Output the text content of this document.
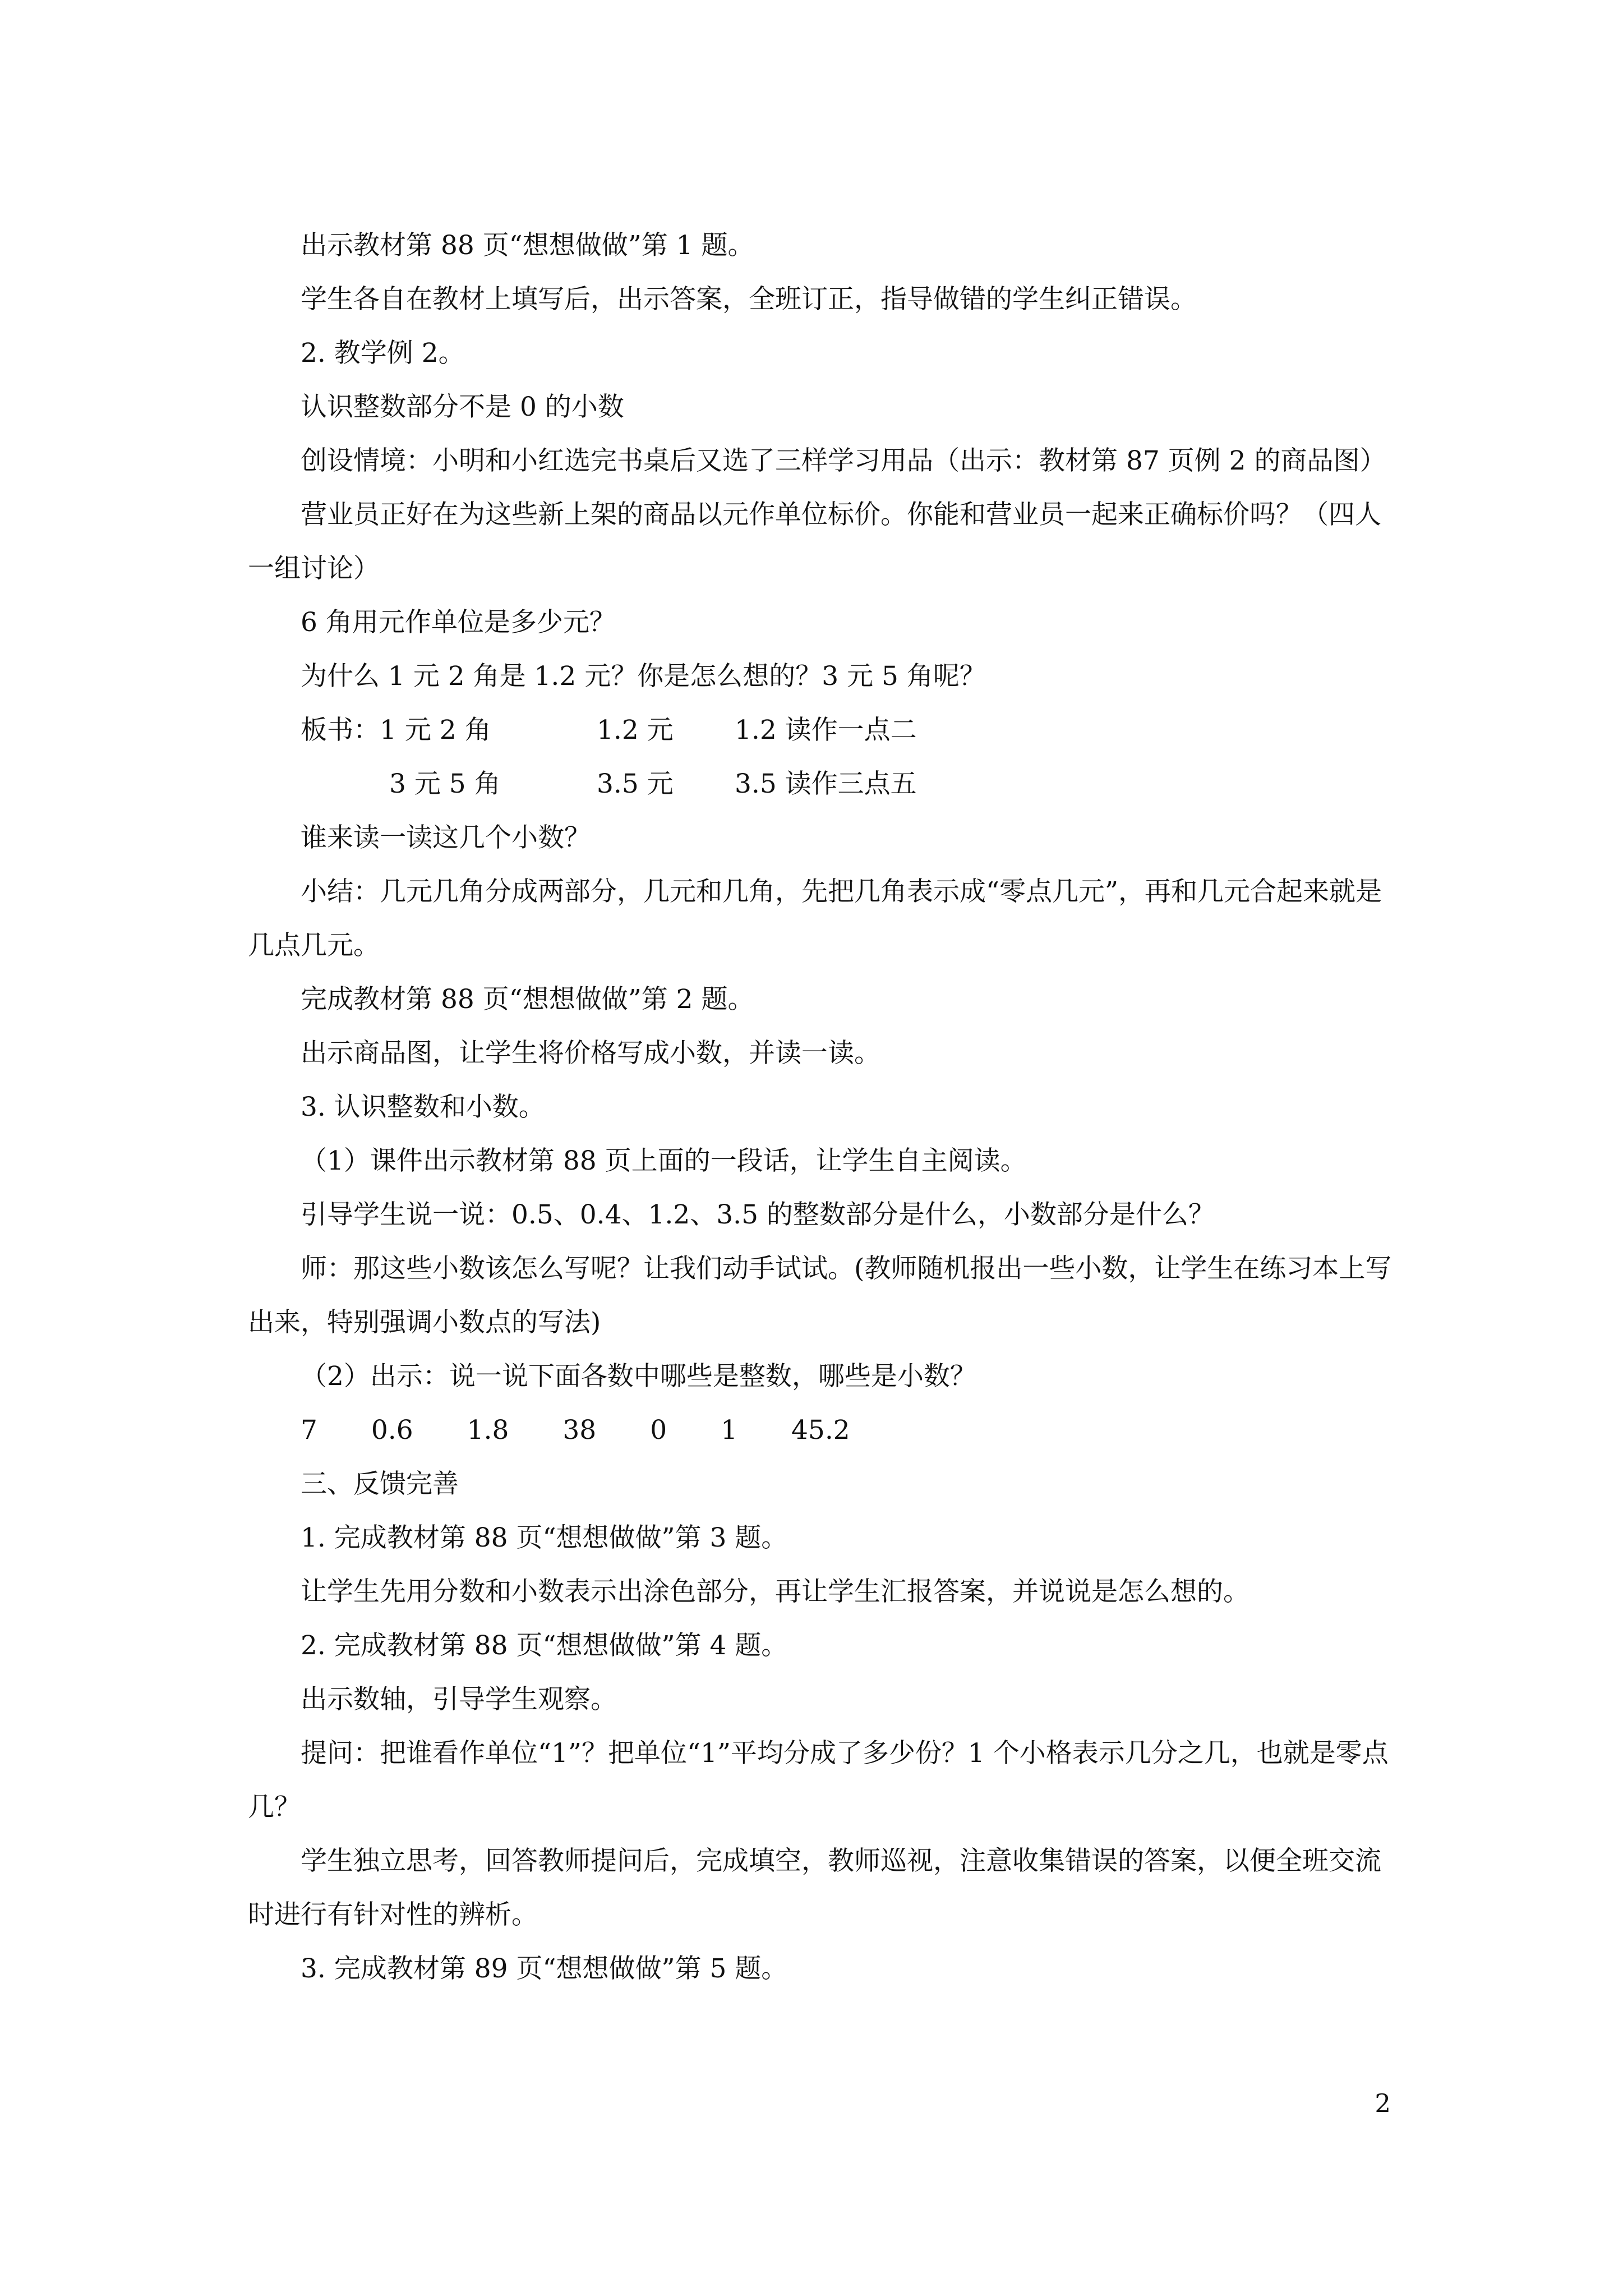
出示教材第 88 页“想想做做”第 1 题。

学生各自在教材上填写后，出示答案，全班订正，指导做错的学生纠正错误。

2. 教学例 2。

认识整数部分不是 0 的小数

创设情境：小明和小红选完书桌后又选了三样学习用品（出示：教材第 87 页例 2 的商品图）

营业员正好在为这些新上架的商品以元作单位标价。你能和营业员一起来正确标价吗？（四人一组讨论）

6 角用元作单位是多少元？

为什么 1 元 2 角是 1.2 元？你是怎么想的？3 元 5 角呢？

板书：1 元 2 角	1.2 元	1.2 读作一点二
3 元 5 角	3.5 元	3.5 读作三点五

谁来读一读这几个小数？

小结：几元几角分成两部分，几元和几角，先把几角表示成“零点几元”，再和几元合起来就是几点几元。

完成教材第 88 页“想想做做”第 2 题。

出示商品图，让学生将价格写成小数，并读一读。

3. 认识整数和小数。

（1）课件出示教材第 88 页上面的一段话，让学生自主阅读。

引导学生说一说：0.5、0.4、1.2、3.5 的整数部分是什么，小数部分是什么？

师：那这些小数该怎么写呢？让我们动手试试。(教师随机报出一些小数，让学生在练习本上写出来，特别强调小数点的写法)

（2）出示：说一说下面各数中哪些是整数，哪些是小数？

7 0.6 1.8 38 0 1 45.2

三、反馈完善

1. 完成教材第 88 页“想想做做”第 3 题。

让学生先用分数和小数表示出涂色部分，再让学生汇报答案，并说说是怎么想的。

2. 完成教材第 88 页“想想做做”第 4 题。

出示数轴，引导学生观察。

提问：把谁看作单位“1”？把单位“1”平均分成了多少份？1 个小格表示几分之几，也就是零点几？

学生独立思考，回答教师提问后，完成填空，教师巡视，注意收集错误的答案，以便全班交流时进行有针对性的辨析。

3. 完成教材第 89 页“想想做做”第 5 题。

2
